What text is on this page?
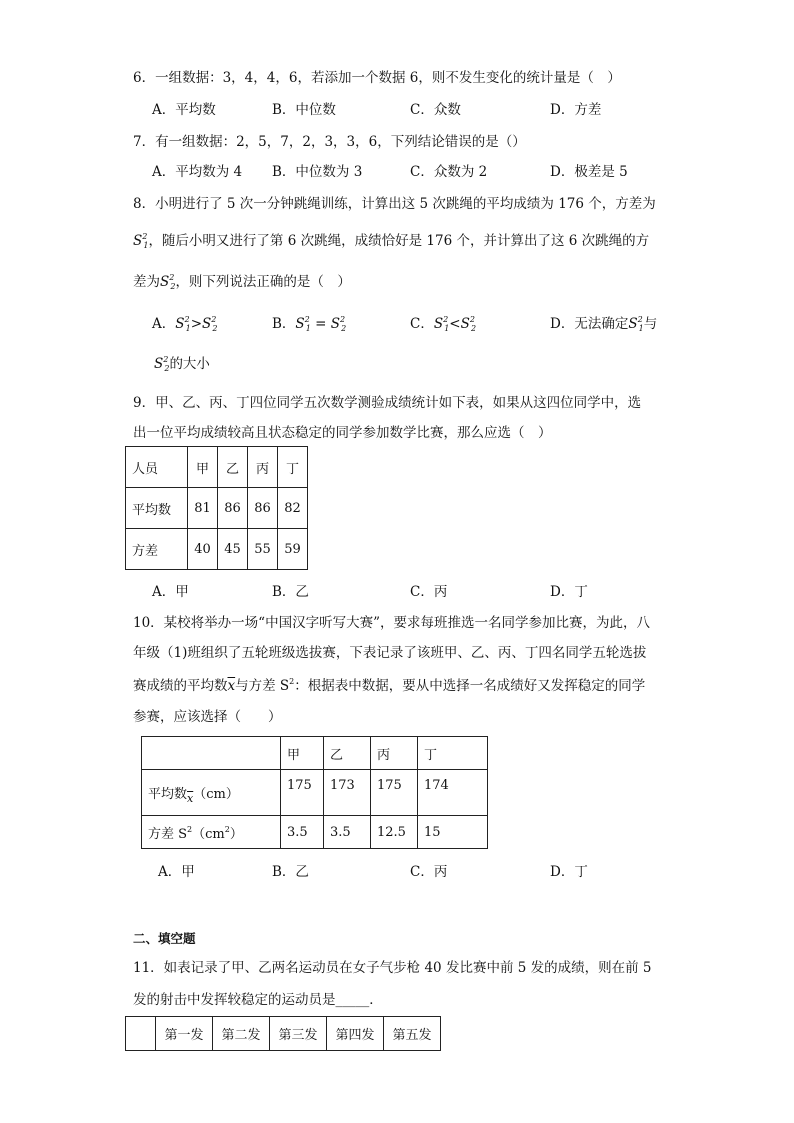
6．一组数据：3，4，4，6，若添加一个数据 6，则不发生变化的统计量是（　）
A．平均数	B．中位数	C．众数	D．方差
7．有一组数据：2，5，7，2，3，3，6，下列结论错误的是（）
A．平均数为 4 B．中位数为 3	C．众数为 2	D．极差是 5
8．小明进行了 5 次一分钟跳绳训练，计算出这 5 次跳绳的平均成绩为 176 个，方差为
$S^2_1$，随后小明又进行了第 6 次跳绳，成绩恰好是 176 个，并计算出了这 6 次跳绳的方
差为$S^2_2$，则下列说法正确的是（　）
A．$S^2_1>S^2_2$	B．$S^2_1 = S^2_2$	C．$S^2_1<S^2_2$	D．无法确定$S^2_1$与
$S^2_2$的大小
9．甲、乙、丙、丁四位同学五次数学测验成绩统计如下表，如果从这四位同学中，选
出一位平均成绩较高且状态稳定的同学参加数学比赛，那么应选（　）
人员	甲	乙	丙	丁
平均数	81	86	86	82
方差	40	45	55	59
A．甲	B．乙	C．丙	D．丁
10．某校将举办一场“中国汉字听写大赛”，要求每班推选一名同学参加比赛，为此，八
年级（1)班组织了五轮班级选拔赛，下表记录了该班甲、乙、丙、丁四名同学五轮选拔
赛成绩的平均数$\overline{x}$与方差 $S^2$：根据表中数据，要从中选择一名成绩好又发挥稳定的同学
参赛，应该选择（　　）
	甲	乙	丙	丁
平均数$_{\overline{x}}$（cm）	175	173	175	174
方差 $S^2(cm^2)$	3.5	3.5	12.5	15
A．甲	B．乙	C．丙	D．丁
二、填空题
11．如表记录了甲、乙两名运动员在女子气步枪 40 发比赛中前 5 发的成绩，则在前 5
发的射击中发挥较稳定的运动员是_____．
	第一发	第二发	第三发	第四发	第五发
